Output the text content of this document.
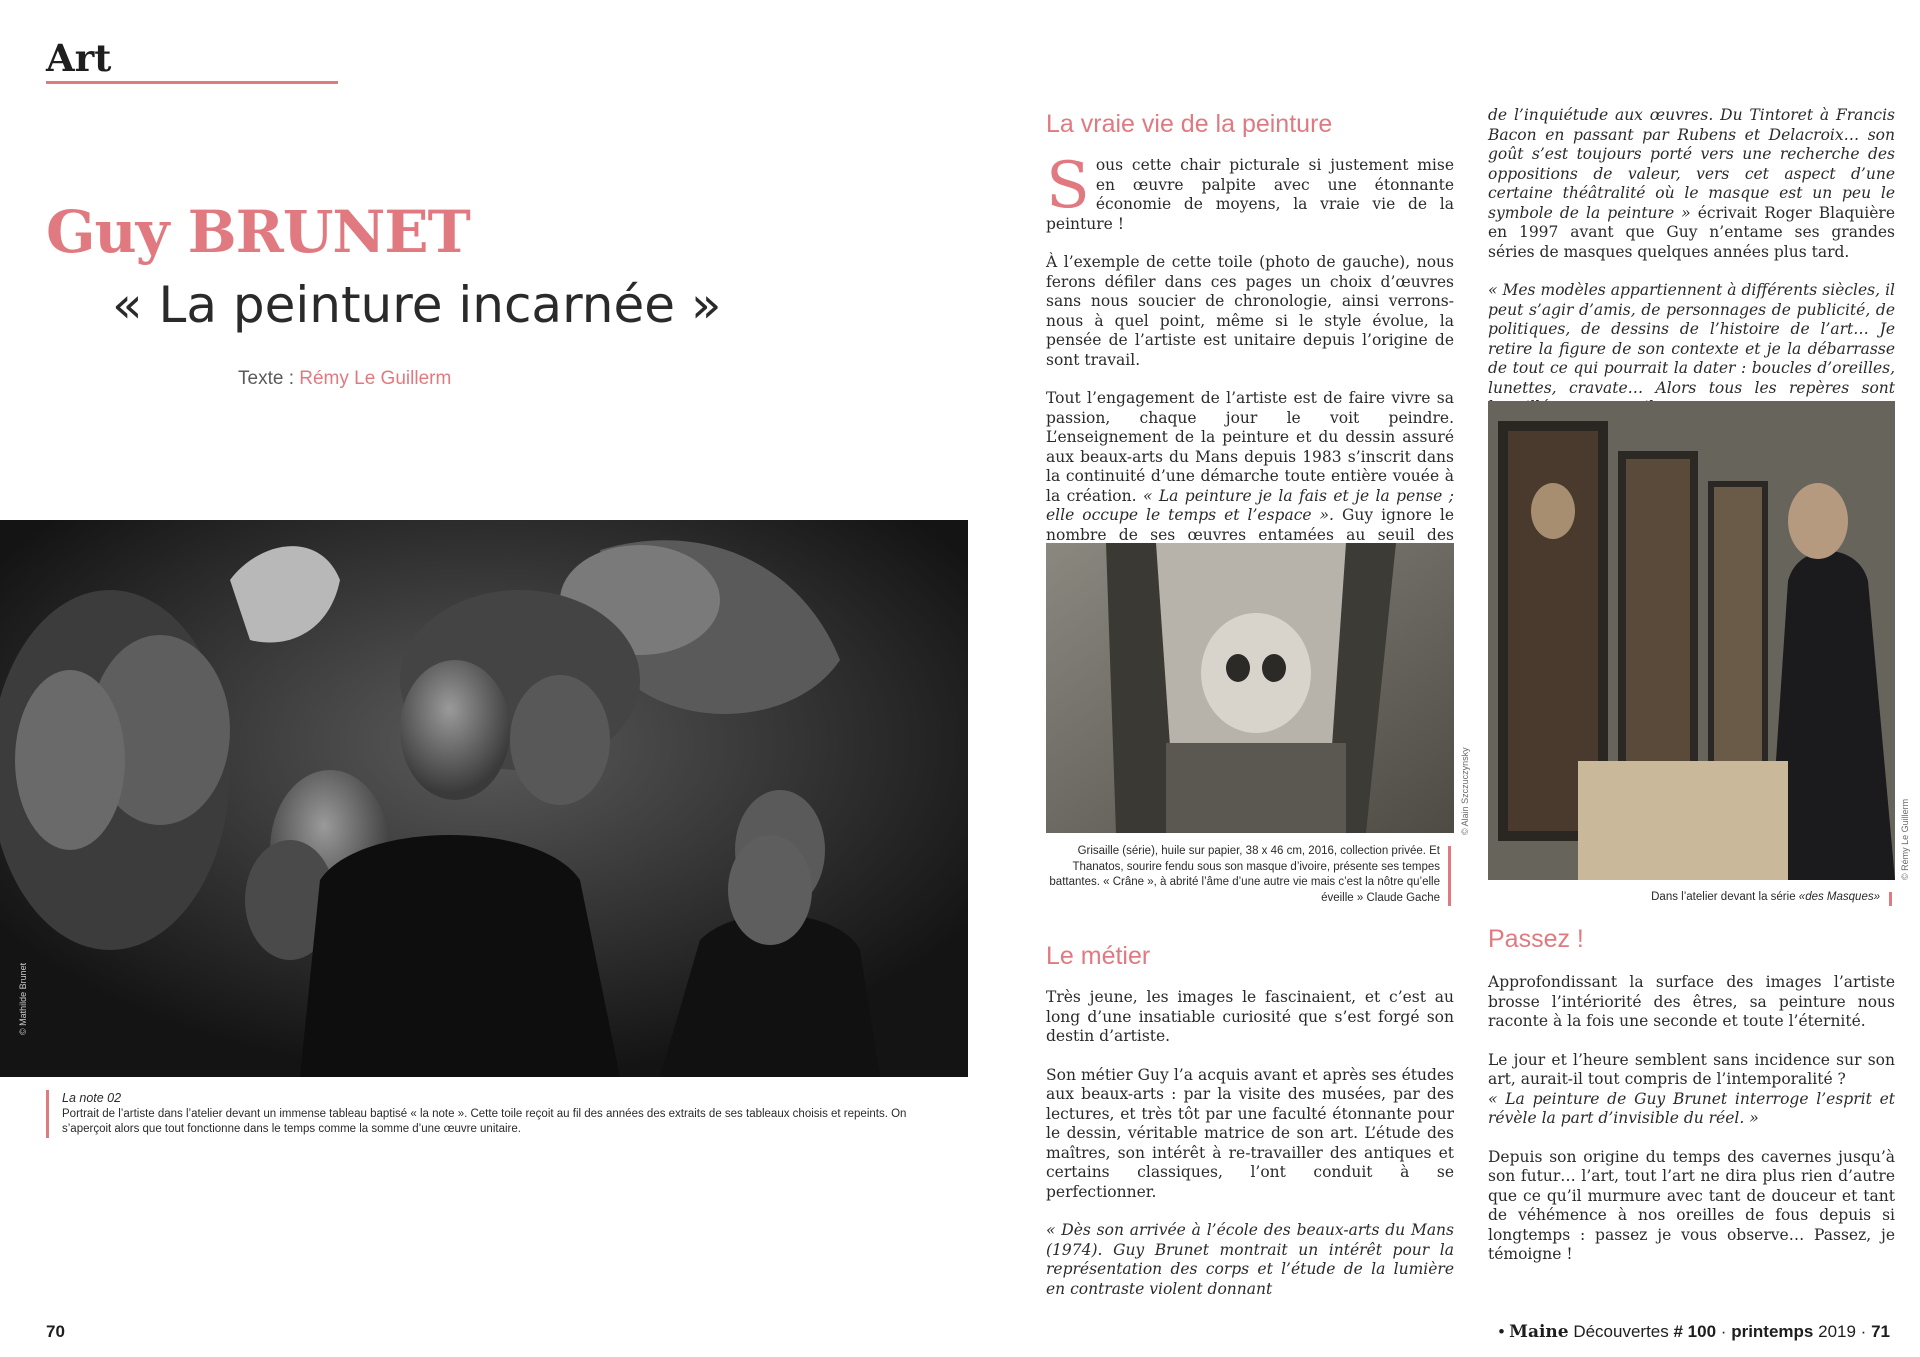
Art
Guy BRUNET
« La peinture incarnée »
Texte : Rémy Le Guillerm
© Mathilde Brunet
La note 02
Portrait de l’artiste dans l’atelier devant un immense tableau baptisé « la note ». Cette toile reçoit au fil des années des extraits de ses tableaux choisis et repeints. On s’aperçoit alors que tout fonctionne dans le temps comme la somme d’une œuvre unitaire.
70
La vraie vie de la peinture

Sous cette chair picturale si justement mise en œuvre palpite avec une étonnante économie de moyens, la vraie vie de la peinture !

À l’exemple de cette toile (photo de gauche), nous ferons défiler dans ces pages un choix d’œuvres sans nous soucier de chronologie, ainsi verrons-nous à quel point, même si le style évolue, la pensée de l’artiste est unitaire depuis l’origine de sont travail.

Tout l’engagement de l’artiste est de faire vivre sa passion, chaque jour le voit peindre. L’enseignement de la peinture et du dessin assuré aux beaux-arts du Mans depuis 1983 s’inscrit dans la continuité d’une démarche toute entière vouée à la création. « La peinture je la fais et je la pense ; elle occupe le temps et l’espace ». Guy ignore le nombre de ses œuvres entamées au seuil des

© Alain Szczuczynsky
Grisaille (série), huile sur papier, 38 x 46 cm, 2016, collection privée. Et Thanatos, sourire fendu sous son masque d’ivoire, présente ses tempes battantes. « Crâne », à abrité l’âme d’une autre vie mais c’est la nôtre qu’elle éveille » Claude Gache
Le métier

Très jeune, les images le fascinaient, et c’est au long d’une insatiable curiosité que s’est forgé son destin d’artiste.

Son métier Guy l’a acquis avant et après ses études aux beaux-arts : par la visite des musées, par des lectures, et très tôt par une faculté étonnante pour le dessin, véritable matrice de son art. L’étude des maîtres, son intérêt à re-travailler des antiques et certains classiques, l’ont conduit à se perfectionner.

« Dès son arrivée à l’école des beaux-arts du Mans (1974). Guy Brunet montrait un intérêt pour la représentation des corps et l’étude de la lumière en contraste violent donnant

de l’inquiétude aux œuvres. Du Tintoret à Francis Bacon en passant par Rubens et Delacroix… son goût s’est toujours porté vers une recherche des oppositions de valeur, vers cet aspect d’une certaine théâtralité où le masque est un peu le symbole de la peinture » écrivait Roger Blaquière en 1997 avant que Guy n’entame ses grandes séries de masques quelques années plus tard.

« Mes modèles appartiennent à différents siècles, il peut s’agir d’amis, de personnages de publicité, de politiques, de dessins de l’histoire de l’art… Je retire la figure de son contexte et je la débarrasse de tout ce qui pourrait la dater : boucles d’oreilles, lunettes, cravate… Alors tous les repères sont

© Rémy Le Guillerm
Dans l’atelier devant la série «des Masques»
Passez !

Approfondissant la surface des images l’artiste brosse l’intériorité des êtres, sa peinture nous raconte à la fois une seconde et toute l’éternité.

Le jour et l’heure semblent sans incidence sur son art, aurait-il tout compris de l’intemporalité ?
« La peinture de Guy Brunet interroge l’esprit et révèle la part d’invisible du réel. »

Depuis son origine du temps des cavernes jusqu’à son futur… l’art, tout l’art ne dira plus rien d’autre que ce qu’il murmure avec tant de douceur et tant de véhémence à nos oreilles de fous depuis si longtemps : passez je vous observe… Passez, je témoigne !

• Maine Découvertes # 100 · printemps 2019 · 71
